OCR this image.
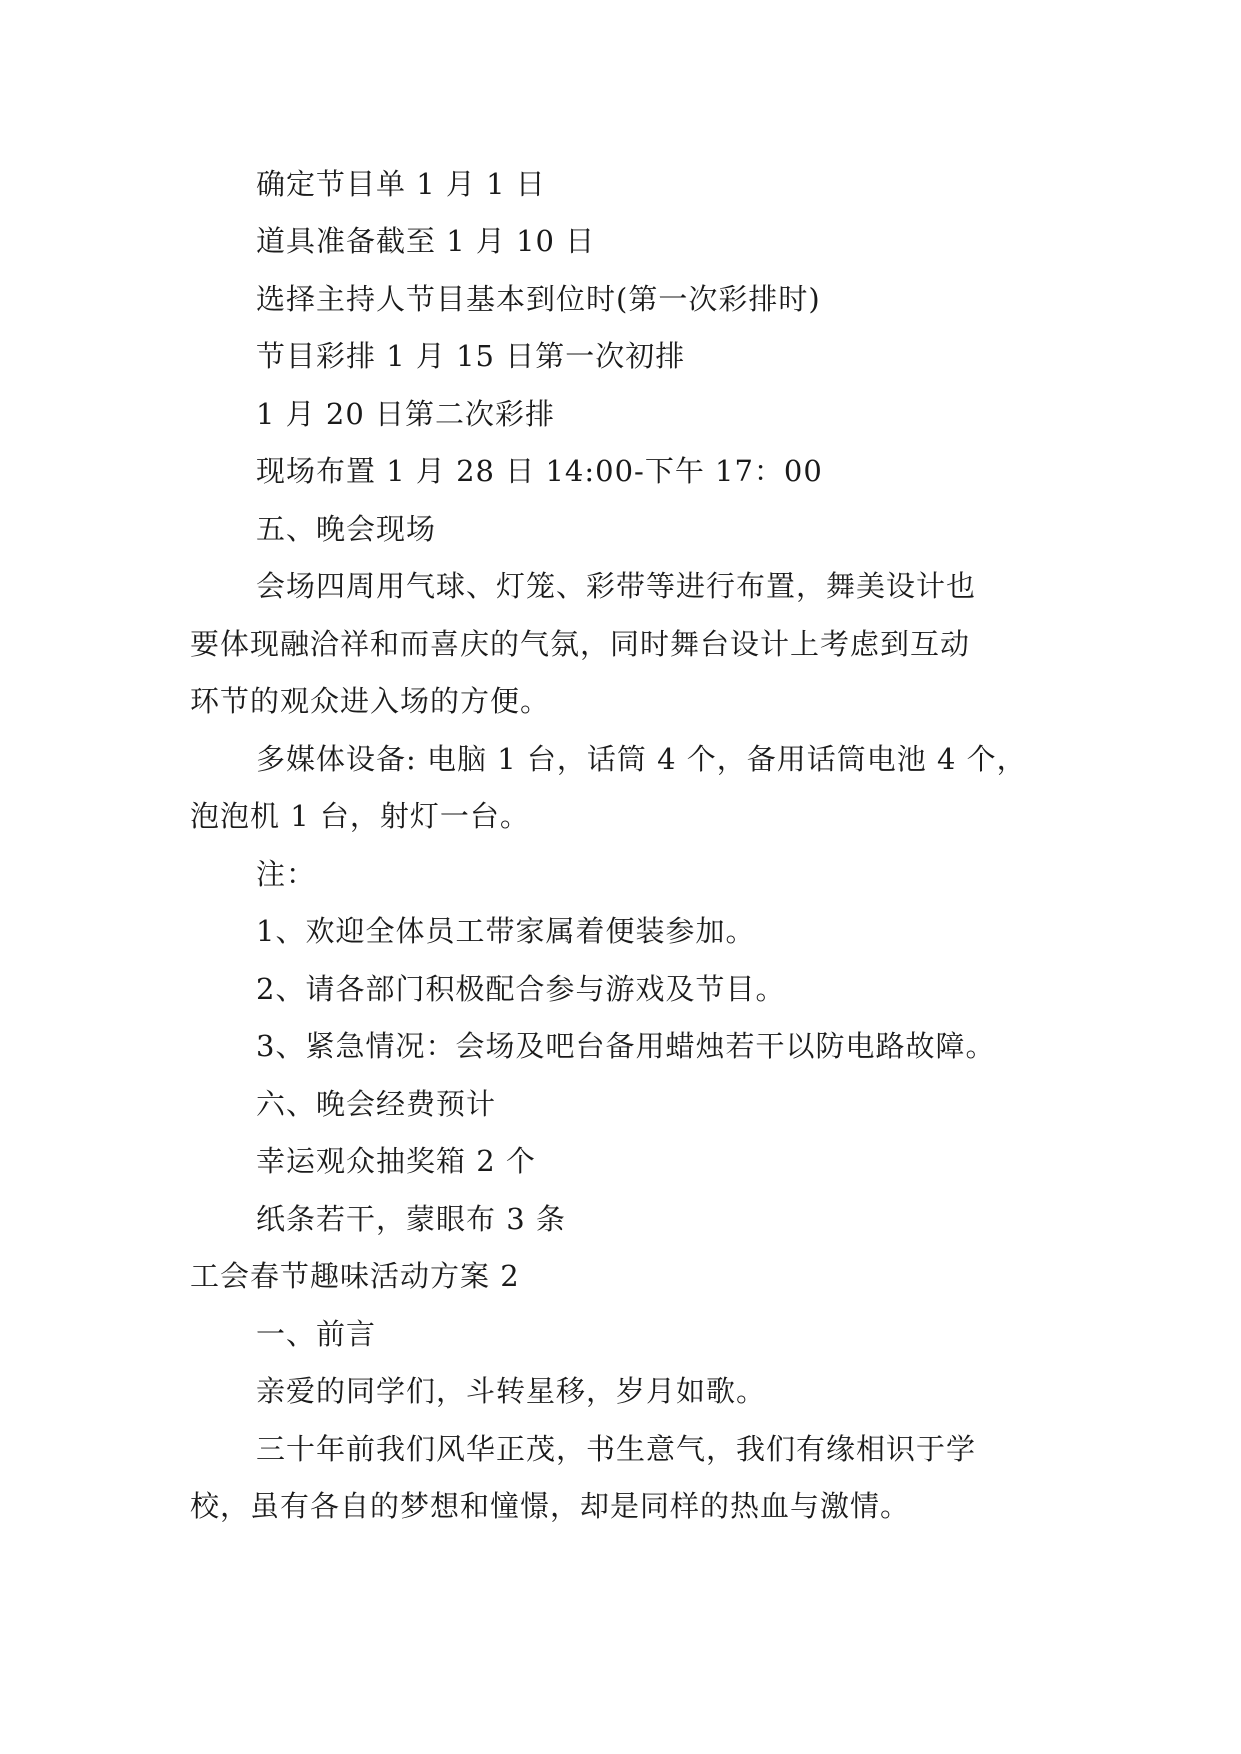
确定节目单 1 月 1 日
道具准备截至 1 月 10 日
选择主持人节目基本到位时(第一次彩排时)
节目彩排 1 月 15 日第一次初排
1 月 20 日第二次彩排
现场布置 1 月 28 日 14:00-下午 17：00
五、晚会现场
会场四周用气球、灯笼、彩带等进行布置，舞美设计也
要体现融洽祥和而喜庆的气氛，同时舞台设计上考虑到互动
环节的观众进入场的方便。
多媒体设备: 电脑 1 台，话筒 4 个，备用话筒电池 4 个，
泡泡机 1 台，射灯一台。
注：
1、欢迎全体员工带家属着便装参加。
2、请各部门积极配合参与游戏及节目。
3、紧急情况：会场及吧台备用蜡烛若干以防电路故障。
六、晚会经费预计
幸运观众抽奖箱 2 个
纸条若干，蒙眼布 3 条
工会春节趣味活动方案 2
一、前言
亲爱的同学们，斗转星移，岁月如歌。
三十年前我们风华正茂，书生意气，我们有缘相识于学
校，虽有各自的梦想和憧憬，却是同样的热血与激情。
